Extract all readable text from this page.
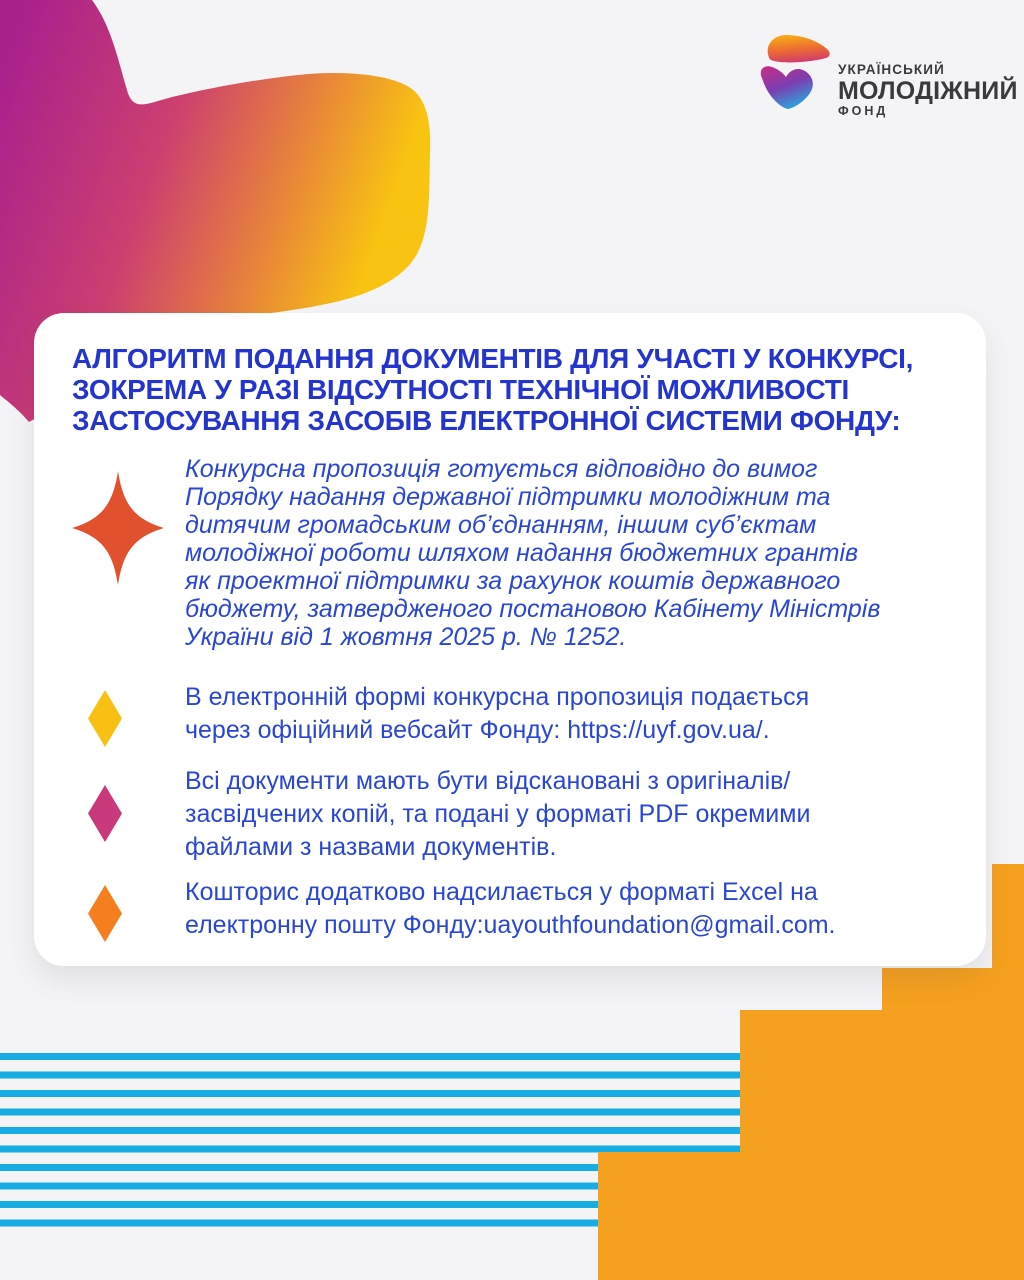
УКРАЇНСЬКИЙ
МОЛОДІЖНИЙ
ФОНД
АЛГОРИТМ ПОДАННЯ ДОКУМЕНТІВ ДЛЯ УЧАСТІ У КОНКУРСІ,
ЗОКРЕМА У РАЗІ ВІДСУТНОСТІ ТЕХНІЧНОЇ МОЖЛИВОСТІ
ЗАСТОСУВАННЯ ЗАСОБІВ ЕЛЕКТРОННОЇ СИСТЕМИ ФОНДУ:
Конкурсна пропозиція готується відповідно до вимог
Порядку надання державної підтримки молодіжним та
дитячим громадським об’єднанням, іншим суб’єктам
молодіжної роботи шляхом надання бюджетних грантів
як проектної підтримки за рахунок коштів державного
бюджету, затвердженого постановою Кабінету Міністрів
України від 1 жовтня 2025 р. № 1252.
В електронній формі конкурсна пропозиція подається
через офіційний вебсайт Фонду: https://uyf.gov.ua/.
Всі документи мають бути відскановані з оригіналів/
засвідчених копій, та подані у форматі PDF окремими
файлами з назвами документів.
Кошторис додатково надсилається у форматі Excel на
електронну пошту Фонду:uayouthfoundation@gmail.com.
